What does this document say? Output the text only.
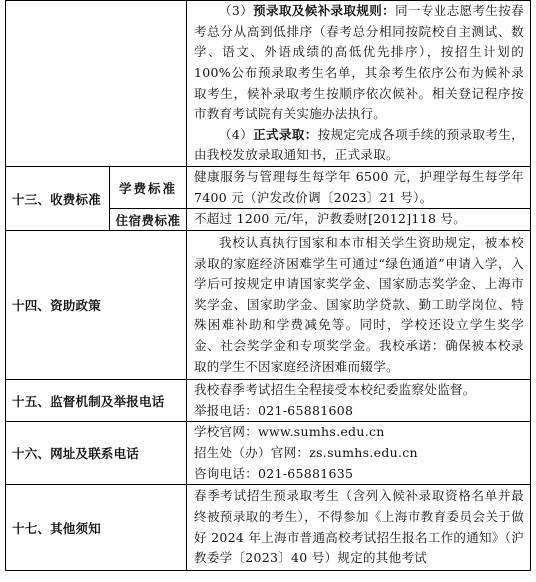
		（3）预录取及候补录取规则：同一专业志愿考生按春考总分从高到低排序（春考总分相同按院校自主测试、数学、语文、外语成绩的高低优先排序），按招生计划的100%公布预录取考生名单，其余考生依序公布为候补录取考生，候补录取考生按顺序依次候补。相关登记程序按市教育考试院有关实施办法执行。
（4）正式录取：按规定完成各项手续的预录取考生，由我校发放录取通知书，正式录取。

十三、收费标准	学费标准	健康服务与管理每生每学年 6500 元，护理学每生每学年 7400 元（沪发改价调〔2023〕21 号）。
	住宿费标准	不超过 1200 元/年，沪教委财[2012]118 号。
十四、资助政策		我校认真执行国家和本市相关学生资助规定，被本校录取的家庭经济困难学生可通过“绿色通道”申请入学，入学后可按规定申请国家奖学金、国家励志奖学金、上海市奖学金、国家助学金、国家助学贷款、勤工助学岗位、特殊困难补助和学费减免等。同时，学校还设立学生奖学金、社会奖学金和专项奖学金。我校承诺：确保被本校录取的学生不因家庭经济困难而辍学。

十五、监督机制及举报电话		我校春季考试招生全程接受本校纪委监察处监督。
举报电话：021-65881608

十六、网址及联系电话		学校官网：www.sumhs.edu.cn
招生处（办）官网：zs.sumhs.edu.cn
咨询电话：021-65881635

十七、其他须知		春季考试招生预录取考生（含列入候补录取资格名单并最终被预录取的考生），不得参加《上海市教育委员会关于做好 2024 年上海市普通高校考试招生报名工作的通知》（沪教委学〔2023〕40 号）规定的其他考试
